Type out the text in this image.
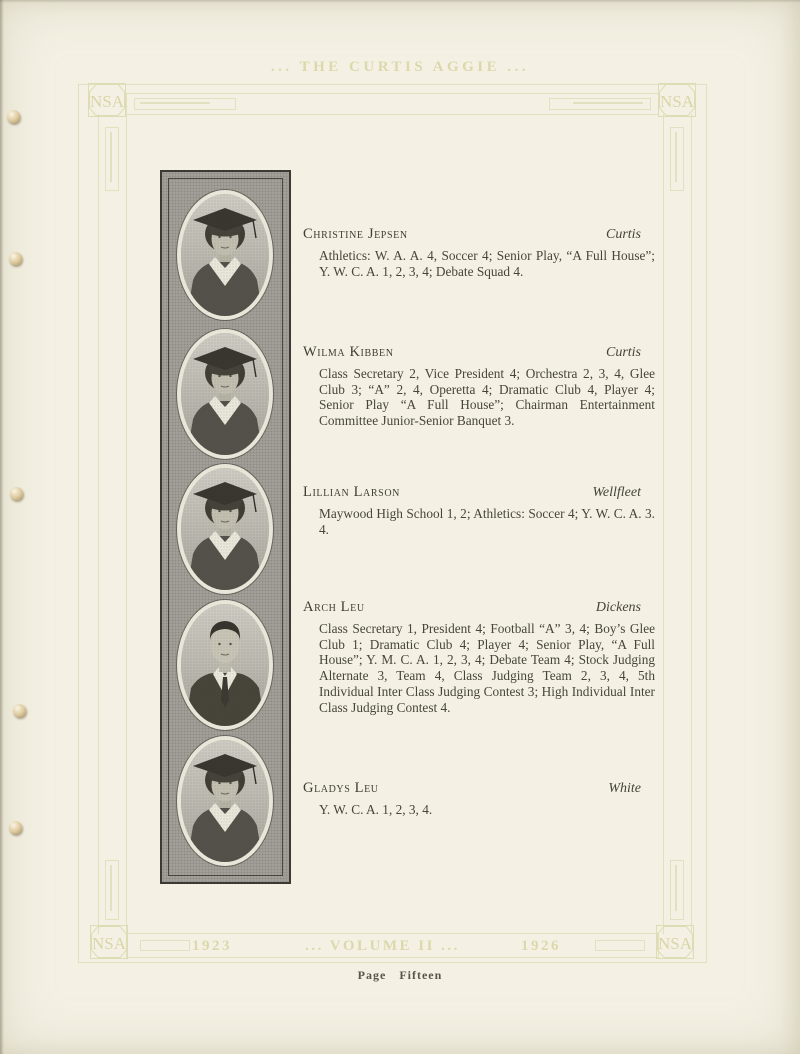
... THE CURTIS AGGIE ...
NSA	NSA
NSA	NSA
1923	... VOLUME II ...	1926
Page Fifteen
Christine Jepsen	Curtis

Athletics: W. A. A. 4, Soccer 4; Senior Play, “A Full House”; Y. W. C. A. 1, 2, 3, 4; Debate Squad 4.

Wilma Kibben	Curtis

Class Secretary 2, Vice President 4; Orchestra 2, 3, 4, Glee Club 3; “A” 2, 4, Operetta 4; Dramatic Club 4, Player 4; Senior Play “A Full House”; Chairman Entertainment Committee Junior-Senior Banquet 3.

Lillian Larson	Wellfleet

Maywood High School 1, 2; Athletics: Soccer 4; Y. W. C. A. 3. 4.

Arch Leu	Dickens

Class Secretary 1, President 4; Football “A” 3, 4; Boy’s Glee Club 1; Dramatic Club 4; Player 4; Senior Play, “A Full House”; Y. M. C. A. 1, 2, 3, 4; Debate Team 4; Stock Judging Alternate 3, Team 4, Class Judging Team 2, 3, 4, 5th Individual Inter Class Judging Contest 3; High Individual Inter Class Judging Contest 4.

Gladys Leu	White

Y. W. C. A. 1, 2, 3, 4.
